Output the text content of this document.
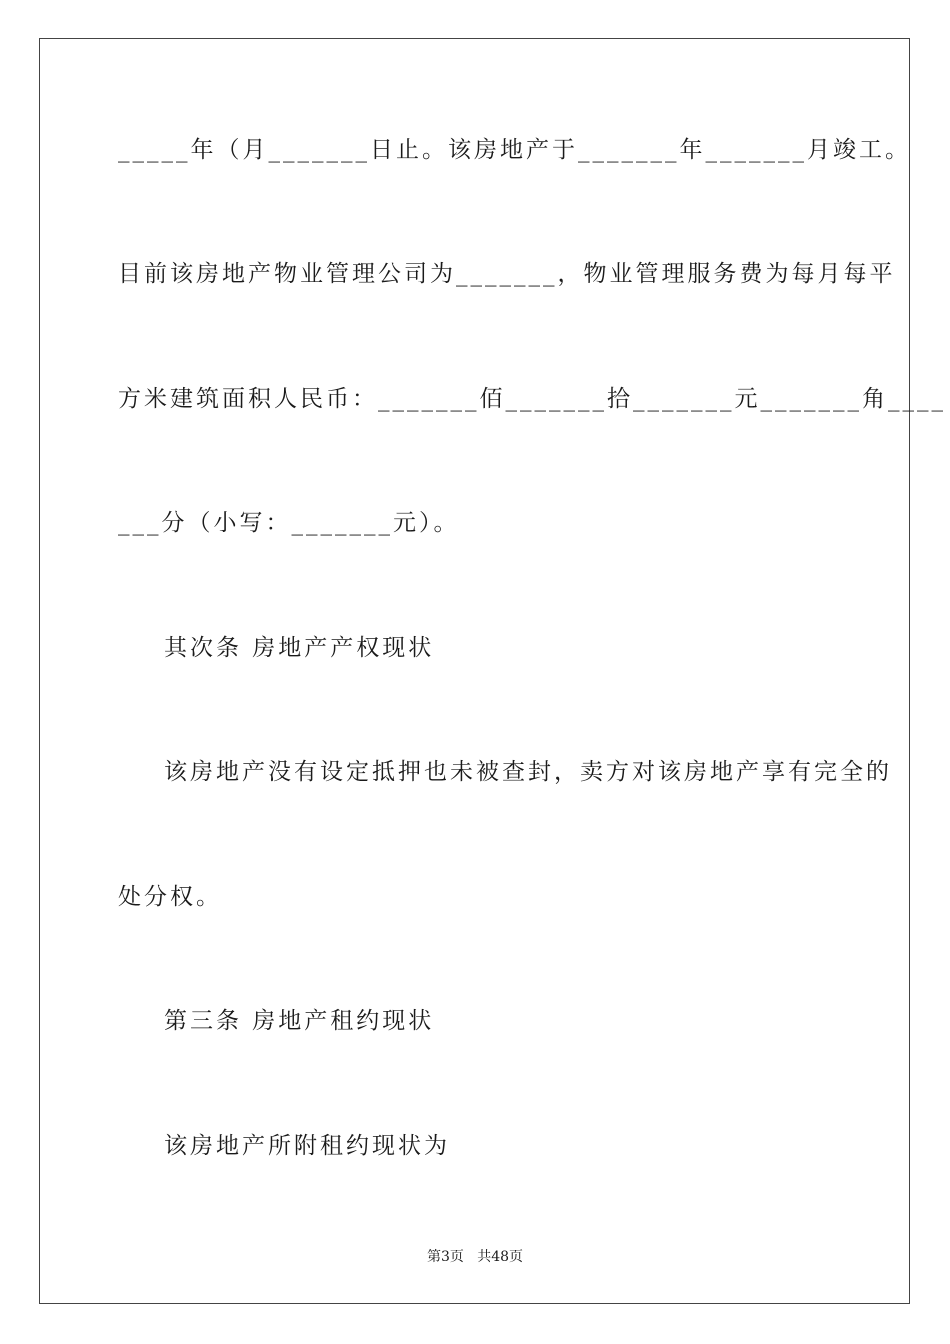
_____年（月_______日止。该房地产于_______年_______月竣工。

目前该房地产物业管理公司为_______，物业管理服务费为每月每平

方米建筑面积人民币：_______佰_______拾_______元_______角____

___分（小写：_______元）。

其次条 房地产产权现状

该房地产没有设定抵押也未被查封，卖方对该房地产享有完全的

处分权。

第三条 房地产租约现状

该房地产所附租约现状为

第3页   共48页
